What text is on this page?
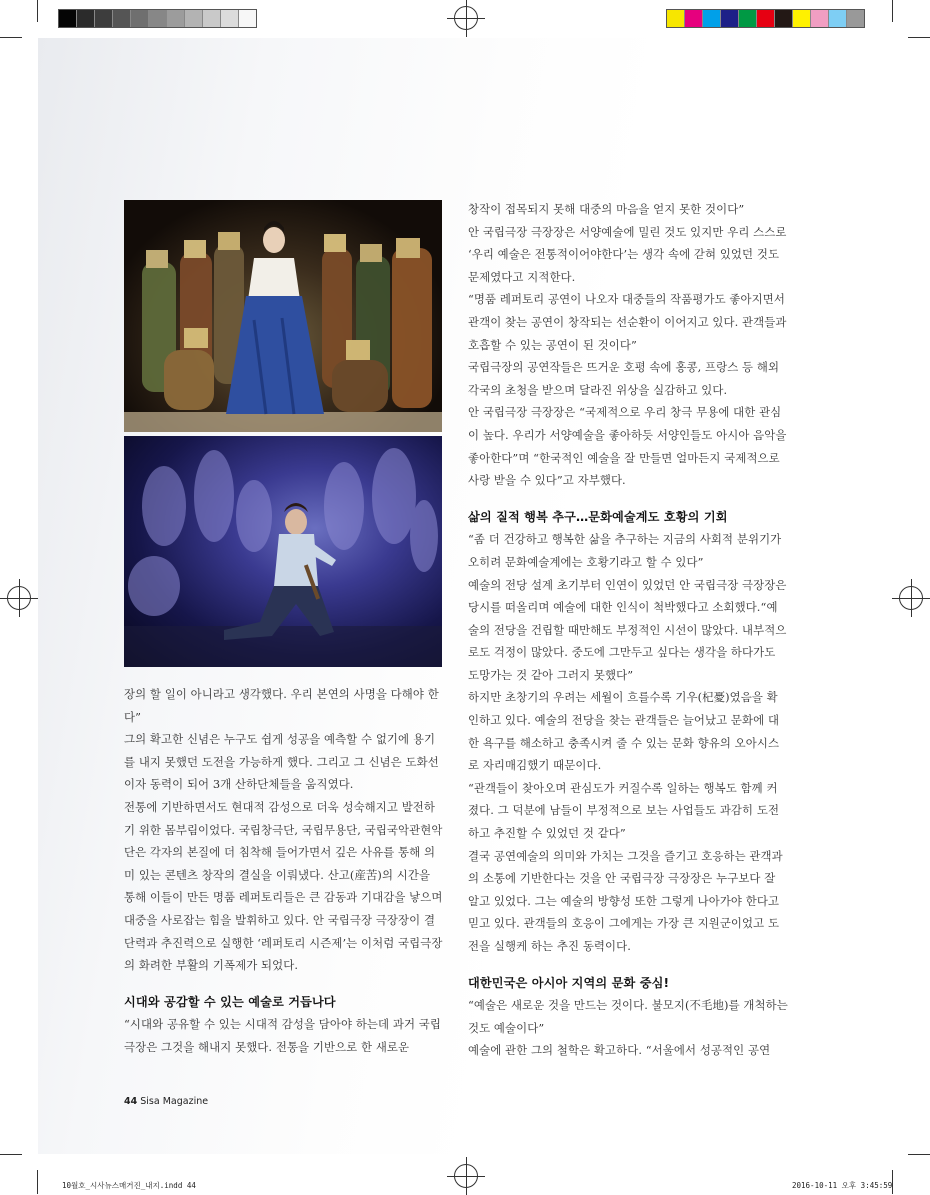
장의 할 일이 아니라고 생각했다. 우리 본연의 사명을 다해야 한다”

그의 확고한 신념은 누구도 쉽게 성공을 예측할 수 없기에 용기를 내지 못했던 도전을 가능하게 했다. 그리고 그 신념은 도화선이자 동력이 되어 3개 산하단체들을 움직였다.

전통에 기반하면서도 현대적 감성으로 더욱 성숙해지고 발전하기 위한 몸부림이었다. 국립창극단, 국립무용단, 국립국악관현악단은 각자의 본질에 더 침착해 들어가면서 깊은 사유를 통해 의미 있는 콘텐츠 창작의 결실을 이뤄냈다. 산고(産苦)의 시간을 통해 이들이 만든 명품 레퍼토리들은 큰 감동과 기대감을 낳으며 대중을 사로잡는 힘을 발휘하고 있다. 안 국립극장 극장장이 결단력과 추진력으로 실행한 ‘레퍼토리 시즌제’는 이처럼 국립극장의 화려한 부활의 기폭제가 되었다.

시대와 공감할 수 있는 예술로 거듭나다

“시대와 공유할 수 있는 시대적 감성을 담아야 하는데 과거 국립극장은 그것을 해내지 못했다. 전통을 기반으로 한 새로운

창작이 접목되지 못해 대중의 마음을 얻지 못한 것이다”

안 국립극장 극장장은 서양예술에 밀린 것도 있지만 우리 스스로 ‘우리 예술은 전통적이어야한다’는 생각 속에 갇혀 있었던 것도 문제였다고 지적한다.

“명품 레퍼토리 공연이 나오자 대중들의 작품평가도 좋아지면서 관객이 찾는 공연이 창작되는 선순환이 이어지고 있다. 관객들과 호흡할 수 있는 공연이 된 것이다”

국립극장의 공연작들은 뜨거운 호평 속에 홍콩, 프랑스 등 해외 각국의 초청을 받으며 달라진 위상을 실감하고 있다.

안 국립극장 극장장은 “국제적으로 우리 창극 무용에 대한 관심이 높다. 우리가 서양예술을 좋아하듯 서양인들도 아시아 음악을 좋아한다”며 “한국적인 예술을 잘 만들면 얼마든지 국제적으로 사랑 받을 수 있다”고 자부했다.

삶의 질적 행복 추구…문화예술계도 호황의 기회

“좀 더 건강하고 행복한 삶을 추구하는 지금의 사회적 분위기가 오히려 문화예술계에는 호황기라고 할 수 있다”

예술의 전당 설계 초기부터 인연이 있었던 안 국립극장 극장장은 당시를 떠올리며 예술에 대한 인식이 척박했다고 소회했다.“예술의 전당을 건립할 때만해도 부정적인 시선이 많았다. 내부적으로도 걱정이 많았다. 중도에 그만두고 싶다는 생각을 하다가도 도망가는 것 같아 그러지 못했다”

하지만 초창기의 우려는 세월이 흐를수록 기우(杞憂)였음을 확인하고 있다. 예술의 전당을 찾는 관객들은 늘어났고 문화에 대한 욕구를 해소하고 충족시켜 줄 수 있는 문화 향유의 오아시스로 자리매김했기 때문이다.

“관객들이 찾아오며 관심도가 커질수록 일하는 행복도 함께 커졌다. 그 덕분에 남들이 부정적으로 보는 사업들도 과감히 도전하고 추진할 수 있었던 것 같다”

결국 공연예술의 의미와 가치는 그것을 즐기고 호응하는 관객과의 소통에 기반한다는 것을 안 국립극장 극장장은 누구보다 잘 알고 있었다. 그는 예술의 방향성 또한 그렇게 나아가야 한다고 믿고 있다. 관객들의 호응이 그에게는 가장 큰 지원군이었고 도전을 실행케 하는 추진 동력이다.

대한민국은 아시아 지역의 문화 중심!

“예술은 새로운 것을 만드는 것이다. 불모지(不毛地)를 개척하는 것도 예술이다”

예술에 관한 그의 철학은 확고하다. “서울에서 성공적인 공연

44 Sisa Magazine
10월호_시사뉴스매거진_내지.indd 44	2016-10-11 오후 3:45:59
